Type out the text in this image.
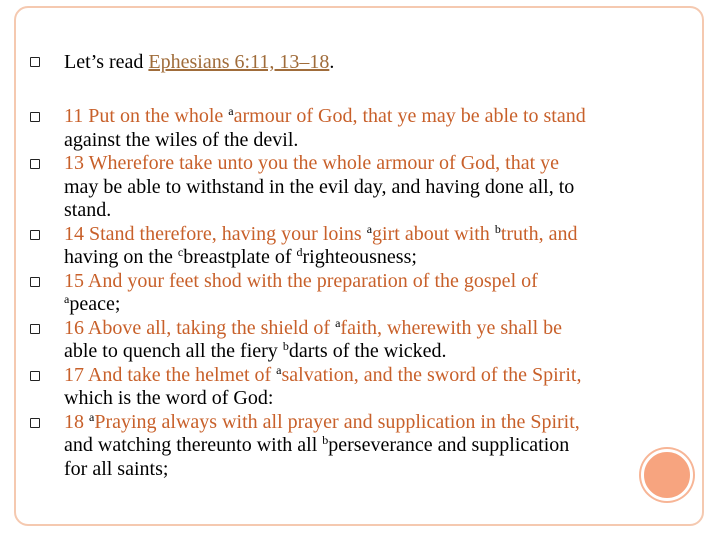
Let’s read Ephesians 6:11, 13–18.
11 Put on the whole $^a$armour of God, that ye may be able to stand
against the wiles of the devil.
13 Wherefore take unto you the whole armour of God, that ye
may be able to withstand in the evil day, and having done all, to
stand.
14 Stand therefore, having your loins $^a$girt about with $^b$truth, and
having on the $^c$breastplate of $^d$righteousness;
15 And your feet shod with the preparation of the gospel of
$^a$peace;
16 Above all, taking the shield of $^a$faith, wherewith ye shall be
able to quench all the fiery $^b$darts of the wicked.
17 And take the helmet of $^a$salvation, and the sword of the Spirit,
which is the word of God:
18 $^a$Praying always with all prayer and supplication in the Spirit,
and watching thereunto with all $^b$perseverance and supplication
for all saints;
